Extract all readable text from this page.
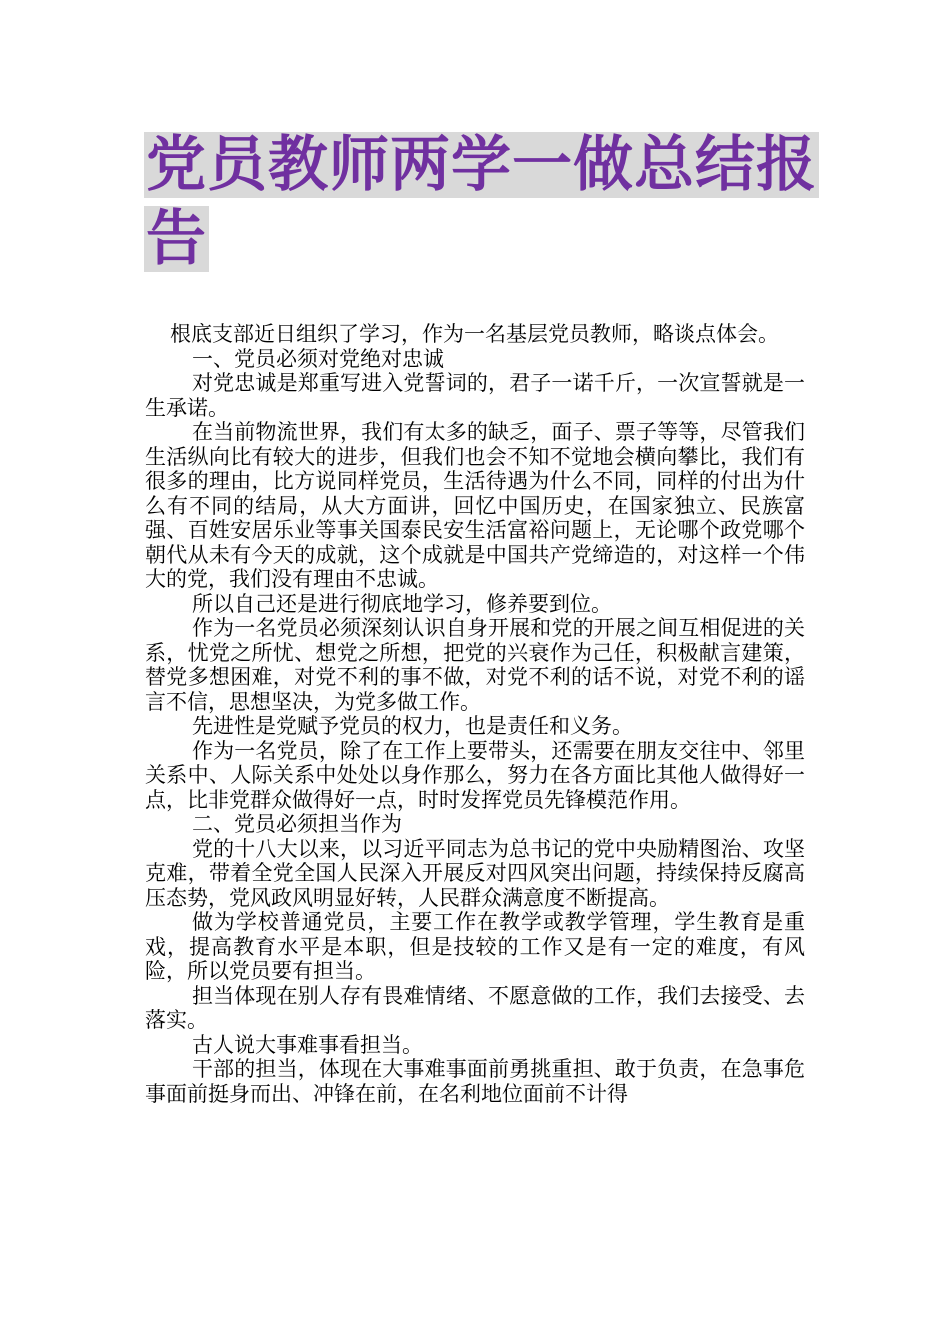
党员教师两学一做总结报
告

根底支部近日组织了学习，作为一名基层党员教师，略谈点体会。

一、党员必须对党绝对忠诚

对党忠诚是郑重写进入党誓词的，君子一诺千斤，一次宣誓就是一生承诺。

在当前物流世界，我们有太多的缺乏，面子、票子等等，尽管我们生活纵向比有较大的进步，但我们也会不知不觉地会横向攀比，我们有很多的理由，比方说同样党员，生活待遇为什么不同，同样的付出为什么有不同的结局，从大方面讲，回忆中国历史，在国家独立、民族富强、百姓安居乐业等事关国泰民安生活富裕问题上，无论哪个政党哪个朝代从未有今天的成就，这个成就是中国共产党缔造的，对这样一个伟大的党，我们没有理由不忠诚。

所以自己还是进行彻底地学习，修养要到位。

作为一名党员必须深刻认识自身开展和党的开展之间互相促进的关系，忧党之所忧、想党之所想，把党的兴衰作为己任，积极献言建策，替党多想困难，对党不利的事不做，对党不利的话不说，对党不利的谣言不信，思想坚决，为党多做工作。

先进性是党赋予党员的权力，也是责任和义务。

作为一名党员，除了在工作上要带头，还需要在朋友交往中、邻里关系中、人际关系中处处以身作那么，努力在各方面比其他人做得好一点，比非党群众做得好一点，时时发挥党员先锋模范作用。

二、党员必须担当作为

党的十八大以来，以习近平同志为总书记的党中央励精图治、攻坚克难，带着全党全国人民深入开展反对四风突出问题，持续保持反腐高压态势，党风政风明显好转，人民群众满意度不断提高。

做为学校普通党员，主要工作在教学或教学管理，学生教育是重戏，提高教育水平是本职，但是技较的工作又是有一定的难度，有风险，所以党员要有担当。

担当体现在别人存有畏难情绪、不愿意做的工作，我们去接受、去落实。

古人说大事难事看担当。

干部的担当，体现在大事难事面前勇挑重担、敢于负责，在急事危事面前挺身而出、冲锋在前，在名利地位面前不计得
